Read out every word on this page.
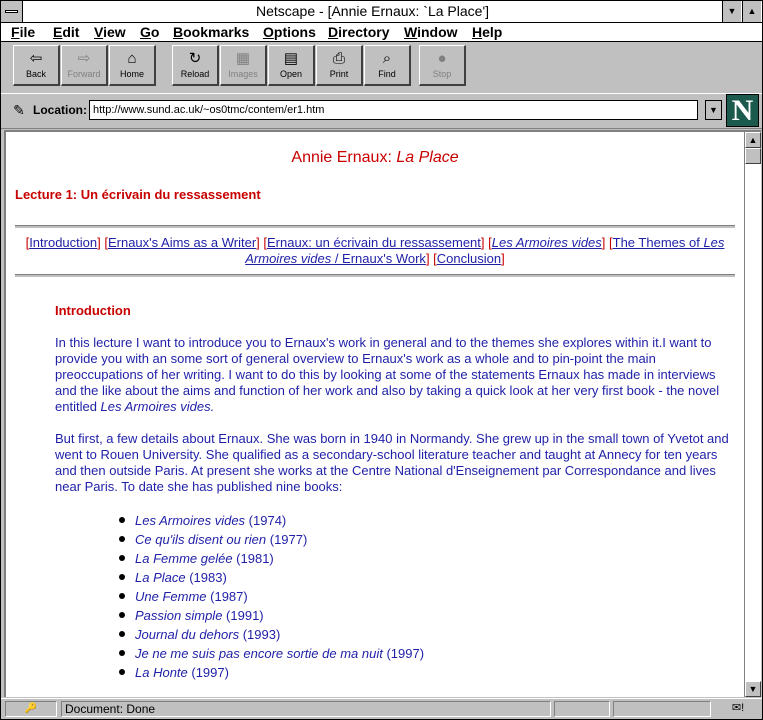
Netscape - [Annie Ernaux: `La Place']	▼	▲
File Edit View Go Bookmarks Options Directory Window Help
⇦
Back
⇨
Forward
⌂
Home
↻
Reload
▦
Images
▤
Open
⎙
Print
⌕
Find
●
Stop
✎ Location: http://www.sund.ac.uk/~os0tmc/contem/er1.htm	▼ N
Annie Ernaux: La Place
Lecture 1: Un écrivain du ressassement
[Introduction] [Ernaux's Aims as a Writer] [Ernaux: un écrivain du ressassement] [Les Armoires vides] [The Themes of Les Armoires vides / Ernaux's Work] [Conclusion]
Introduction

In this lecture I want to introduce you to Ernaux's work in general and to the themes she explores within it.I want to provide you with an some sort of general overview to Ernaux's work as a whole and to pin-point the main preoccupations of her writing. I want to do this by looking at some of the statements Ernaux has made in interviews and the like about the aims and function of her work and also by taking a quick look at her very first book - the novel entitled Les Armoires vides.

But first, a few details about Ernaux. She was born in 1940 in Normandy. She grew up in the small town of Yvetot and went to Rouen University. She qualified as a secondary-school literature teacher and taught at Annecy for ten years and then outside Paris. At present she works at the Centre National d'Enseignement par Correspondance and lives near Paris. To date she has published nine books:

Les Armoires vides (1974)
Ce qu'ils disent ou rien (1977)
La Femme gelée (1981)
La Place (1983)
Une Femme (1987)
Passion simple (1991)
Journal du dehors (1993)
Je ne me suis pas encore sortie de ma nuit (1997)
La Honte (1997)
▲
▼
🔑	Document: Done	✉!
